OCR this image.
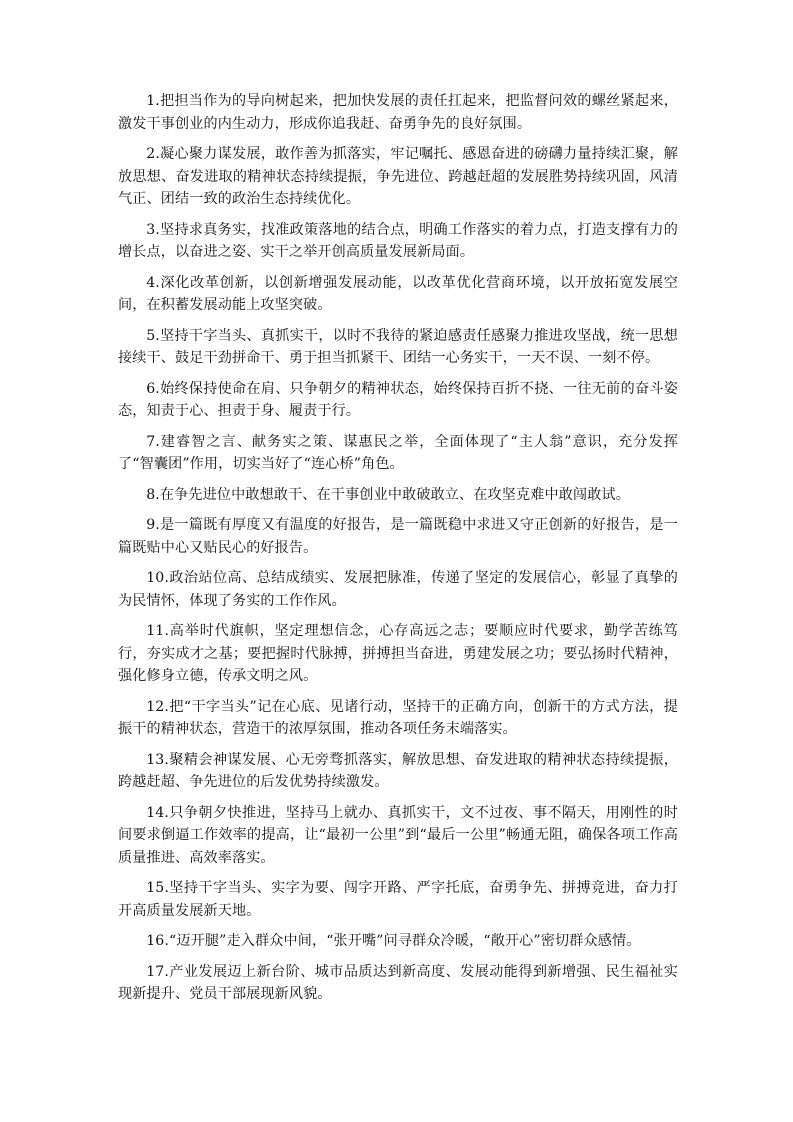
1.把担当作为的导向树起来，把加快发展的责任扛起来，把监督问效的螺丝紧起来，激发干事创业的内生动力，形成你追我赶、奋勇争先的良好氛围。

2.凝心聚力谋发展，敢作善为抓落实，牢记嘱托、感恩奋进的磅礴力量持续汇聚，解放思想、奋发进取的精神状态持续提振，争先进位、跨越赶超的发展胜势持续巩固，风清气正、团结一致的政治生态持续优化。

3.坚持求真务实，找准政策落地的结合点，明确工作落实的着力点，打造支撑有力的增长点，以奋进之姿、实干之举开创高质量发展新局面。

4.深化改革创新，以创新增强发展动能，以改革优化营商环境，以开放拓宽发展空间，在积蓄发展动能上攻坚突破。

5.坚持干字当头、真抓实干，以时不我待的紧迫感责任感聚力推进攻坚战，统一思想接续干、鼓足干劲拼命干、勇于担当抓紧干、团结一心务实干，一天不误、一刻不停。

6.始终保持使命在肩、只争朝夕的精神状态，始终保持百折不挠、一往无前的奋斗姿态，知责于心、担责于身、履责于行。

7.建睿智之言、献务实之策、谋惠民之举，全面体现了“主人翁”意识，充分发挥了“智囊团”作用，切实当好了“连心桥”角色。

8.在争先进位中敢想敢干、在干事创业中敢破敢立、在攻坚克难中敢闯敢试。

9.是一篇既有厚度又有温度的好报告，是一篇既稳中求进又守正创新的好报告，是一篇既贴中心又贴民心的好报告。

10.政治站位高、总结成绩实、发展把脉准，传递了坚定的发展信心，彰显了真挚的为民情怀，体现了务实的工作作风。

11.高举时代旗帜，坚定理想信念，心存高远之志；要顺应时代要求，勤学苦练笃行，夯实成才之基；要把握时代脉搏，拼搏担当奋进，勇建发展之功；要弘扬时代精神，强化修身立德，传承文明之风。

12.把“干字当头”记在心底、见诸行动，坚持干的正确方向，创新干的方式方法，提振干的精神状态，营造干的浓厚氛围，推动各项任务末端落实。

13.聚精会神谋发展、心无旁骛抓落实，解放思想、奋发进取的精神状态持续提振，跨越赶超、争先进位的后发优势持续激发。

14.只争朝夕快推进，坚持马上就办、真抓实干，文不过夜、事不隔天，用刚性的时间要求倒逼工作效率的提高，让“最初一公里”到“最后一公里”畅通无阻，确保各项工作高质量推进、高效率落实。

15.坚持干字当头、实字为要、闯字开路、严字托底，奋勇争先、拼搏竞进，奋力打开高质量发展新天地。

16.“迈开腿”走入群众中间，“张开嘴”问寻群众冷暖，“敞开心”密切群众感情。

17.产业发展迈上新台阶、城市品质达到新高度、发展动能得到新增强、民生福祉实现新提升、党员干部展现新风貌。
